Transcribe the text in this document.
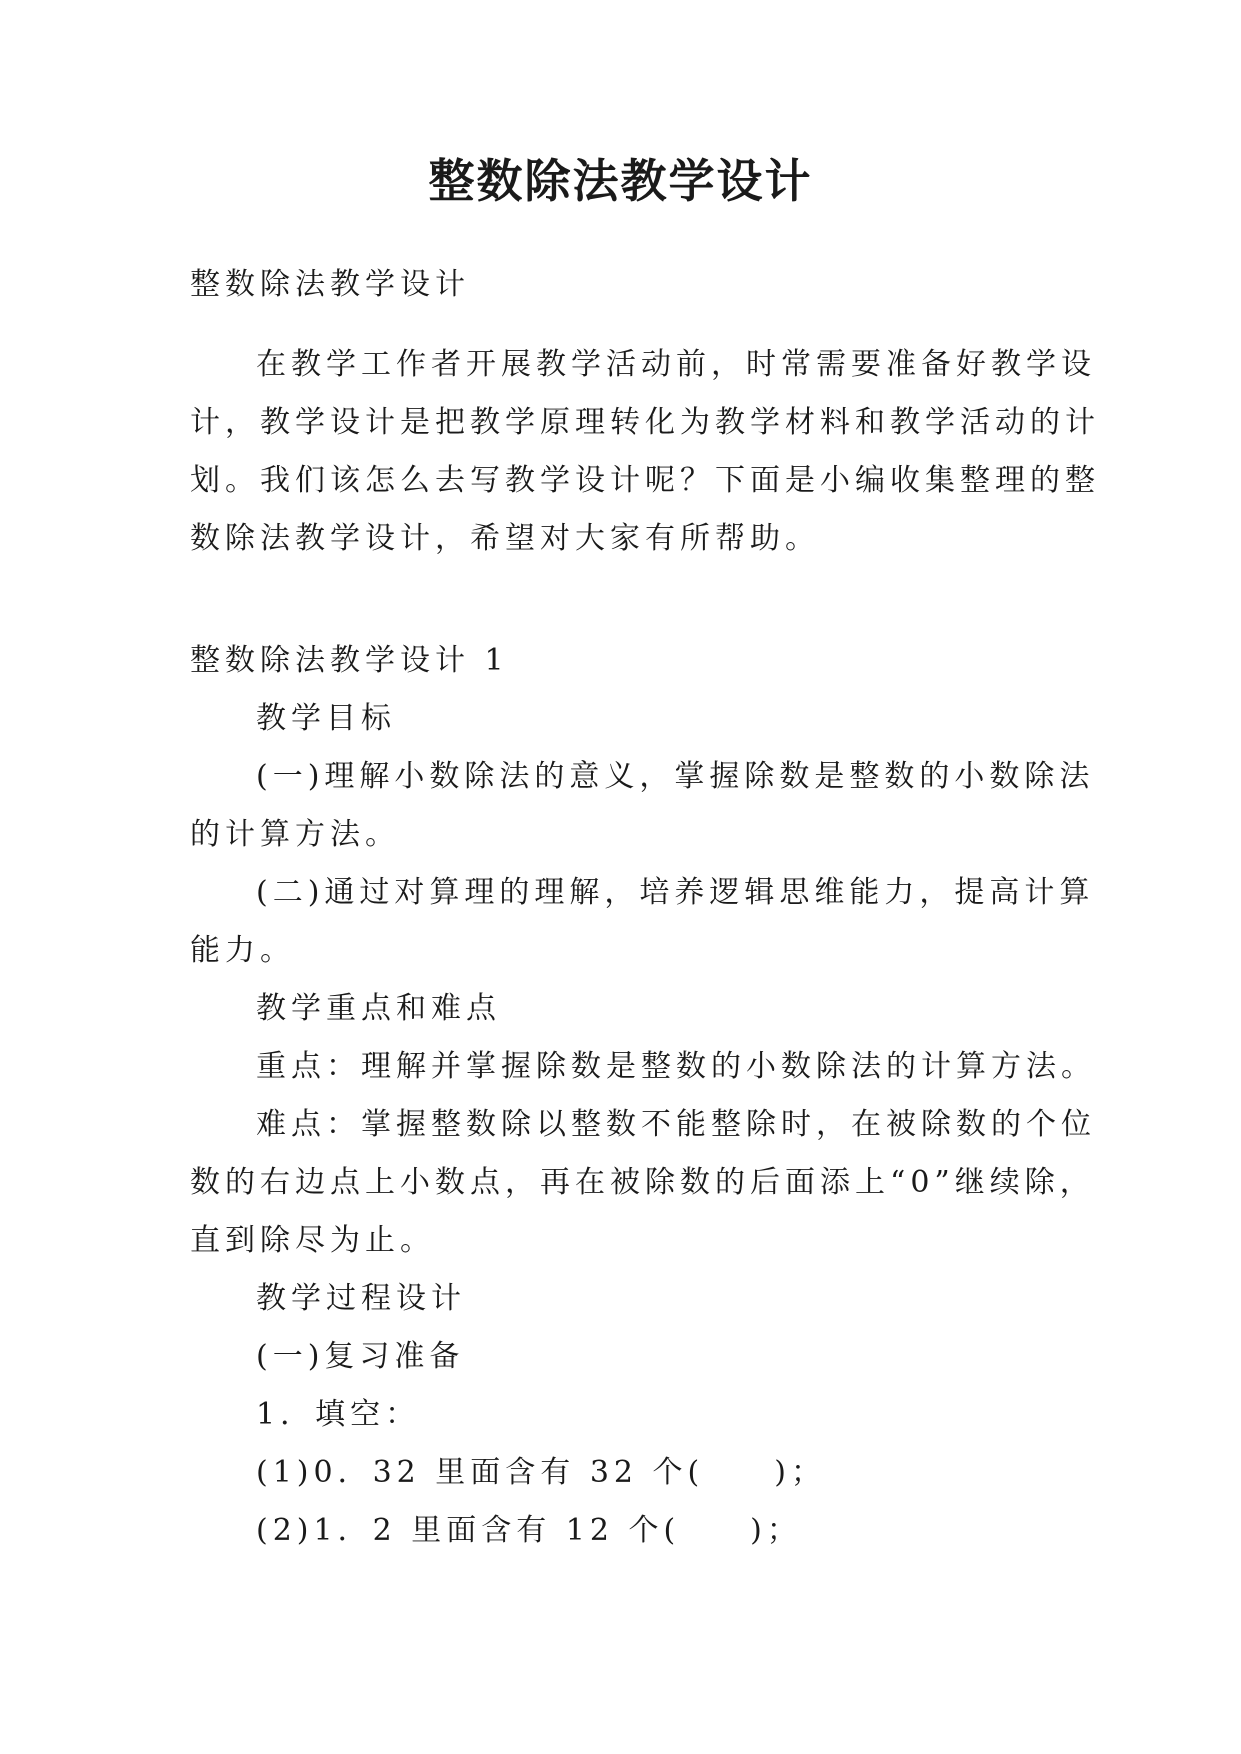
整数除法教学设计
整数除法教学设计
在教学工作者开展教学活动前，时常需要准备好教学设
计，教学设计是把教学原理转化为教学材料和教学活动的计
划。我们该怎么去写教学设计呢？下面是小编收集整理的整
数除法教学设计，希望对大家有所帮助。
整数除法教学设计 1
教学目标
(一)理解小数除法的意义，掌握除数是整数的小数除法
的计算方法。
(二)通过对算理的理解，培养逻辑思维能力，提高计算
能力。
教学重点和难点
重点：理解并掌握除数是整数的小数除法的计算方法。
难点：掌握整数除以整数不能整除时，在被除数的个位
数的右边点上小数点，再在被除数的后面添上“0”继续除，
直到除尽为止。
教学过程设计
(一)复习准备
1．填空：
(1)0．32 里面含有 32 个(　　)；
(2)1．2 里面含有 12 个(　　)；
